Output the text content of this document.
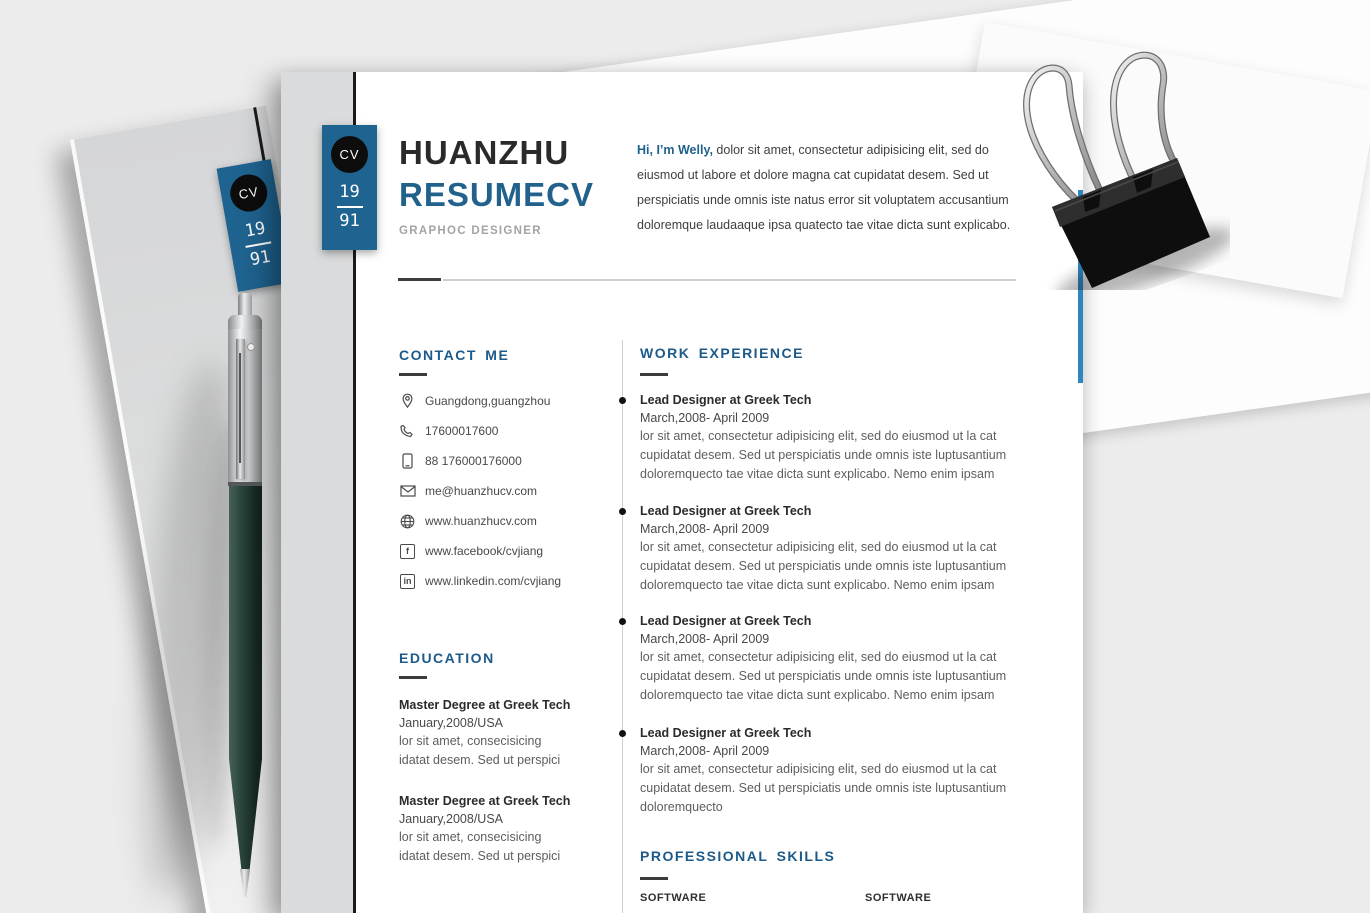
CV
19
91
CV
19
91
HUANZHU
RESUMECV
GRAPHOC DESIGNER
Hi, I’m Welly, dolor sit amet, consectetur adipisicing elit, sed do eiusmod ut labore et dolore magna cat cupidatat desem. Sed ut perspiciatis unde omnis iste natus error sit voluptatem accusantium doloremque laudaaque ipsa quatecto tae vitae dicta sunt explicabo.
CONTACT ME
Guangdong,guangzhou
17600017600
88 176000176000
me@huanzhucv.com
www.huanzhucv.com
f	www.facebook/cvjiang
in www.linkedin.com/cvjiang
EDUCATION
Master Degree at Greek Tech
January,2008/USA
lor sit amet, consecisicing
idatat desem. Sed ut perspici
Master Degree at Greek Tech
January,2008/USA
lor sit amet, consecisicing
idatat desem. Sed ut perspici
WORK EXPERIENCE
Lead Designer at Greek Tech
March,2008- April 2009
lor sit amet, consectetur adipisicing elit, sed do eiusmod ut la cat cupidatat desem. Sed ut perspiciatis unde omnis iste luptusantium doloremquecto tae vitae dicta sunt explicabo. Nemo enim ipsam
Lead Designer at Greek Tech
March,2008- April 2009
lor sit amet, consectetur adipisicing elit, sed do eiusmod ut la cat cupidatat desem. Sed ut perspiciatis unde omnis iste luptusantium doloremquecto tae vitae dicta sunt explicabo. Nemo enim ipsam
Lead Designer at Greek Tech
March,2008- April 2009
lor sit amet, consectetur adipisicing elit, sed do eiusmod ut la cat cupidatat desem. Sed ut perspiciatis unde omnis iste luptusantium doloremquecto tae vitae dicta sunt explicabo. Nemo enim ipsam
Lead Designer at Greek Tech
March,2008- April 2009
lor sit amet, consectetur adipisicing elit, sed do eiusmod ut la cat cupidatat desem. Sed ut perspiciatis unde omnis iste luptusantium doloremquecto
PROFESSIONAL SKILLS
SOFTWARE	SOFTWARE
